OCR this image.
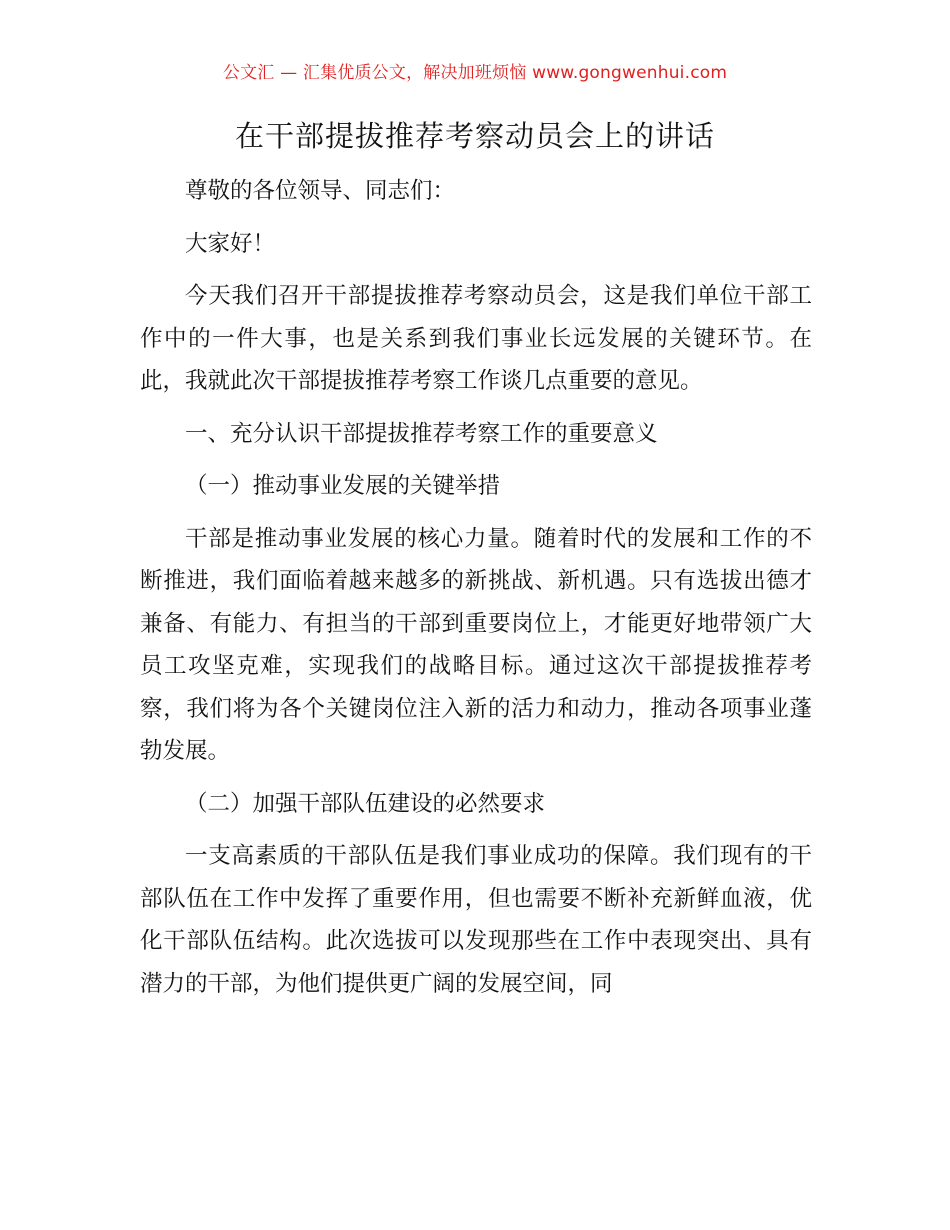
公文汇 — 汇集优质公文，解决加班烦恼 www.gongwenhui.com
在干部提拔推荐考察动员会上的讲话

尊敬的各位领导、同志们：

大家好！

今天我们召开干部提拔推荐考察动员会，这是我们单位干部工作中的一件大事，也是关系到我们事业长远发展的关键环节。在此，我就此次干部提拔推荐考察工作谈几点重要的意见。

一、充分认识干部提拔推荐考察工作的重要意义

（一）推动事业发展的关键举措

干部是推动事业发展的核心力量。随着时代的发展和工作的不断推进，我们面临着越来越多的新挑战、新机遇。只有选拔出德才兼备、有能力、有担当的干部到重要岗位上，才能更好地带领广大员工攻坚克难，实现我们的战略目标。通过这次干部提拔推荐考察，我们将为各个关键岗位注入新的活力和动力，推动各项事业蓬勃发展。

（二）加强干部队伍建设的必然要求

一支高素质的干部队伍是我们事业成功的保障。我们现有的干部队伍在工作中发挥了重要作用，但也需要不断补充新鲜血液，优化干部队伍结构。此次选拔可以发现那些在工作中表现突出、具有潜力的干部，为他们提供更广阔的发展空间，同
